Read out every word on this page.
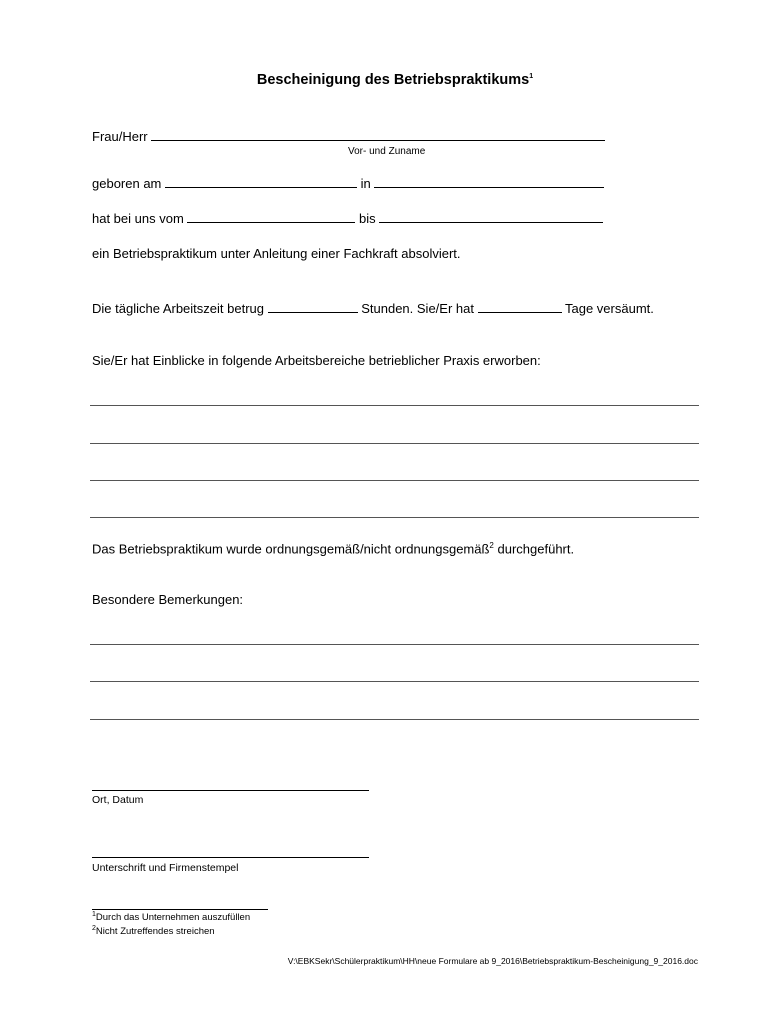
Bescheinigung des Betriebspraktikums$^1$
Frau/Herr
Vor- und Zuname
geboren am	in
hat bei uns vom	bis
ein Betriebspraktikum unter Anleitung einer Fachkraft absolviert.
Die tägliche Arbeitszeit betrug	Stunden. Sie/Er hat	Tage versäumt.
Sie/Er hat Einblicke in folgende Arbeitsbereiche betrieblicher Praxis erworben:
Das Betriebspraktikum wurde ordnungsgemäß/nicht ordnungsgemäß$^2$ durchgeführt.
Besondere Bemerkungen:
Ort, Datum
Unterschrift und Firmenstempel
$^1$Durch das Unternehmen auszufüllen
$^2$Nicht Zutreffendes streichen
V:\EBKSekr\Schülerpraktikum\HH\neue Formulare ab 9_2016\Betriebspraktikum-Bescheinigung_9_2016.doc
